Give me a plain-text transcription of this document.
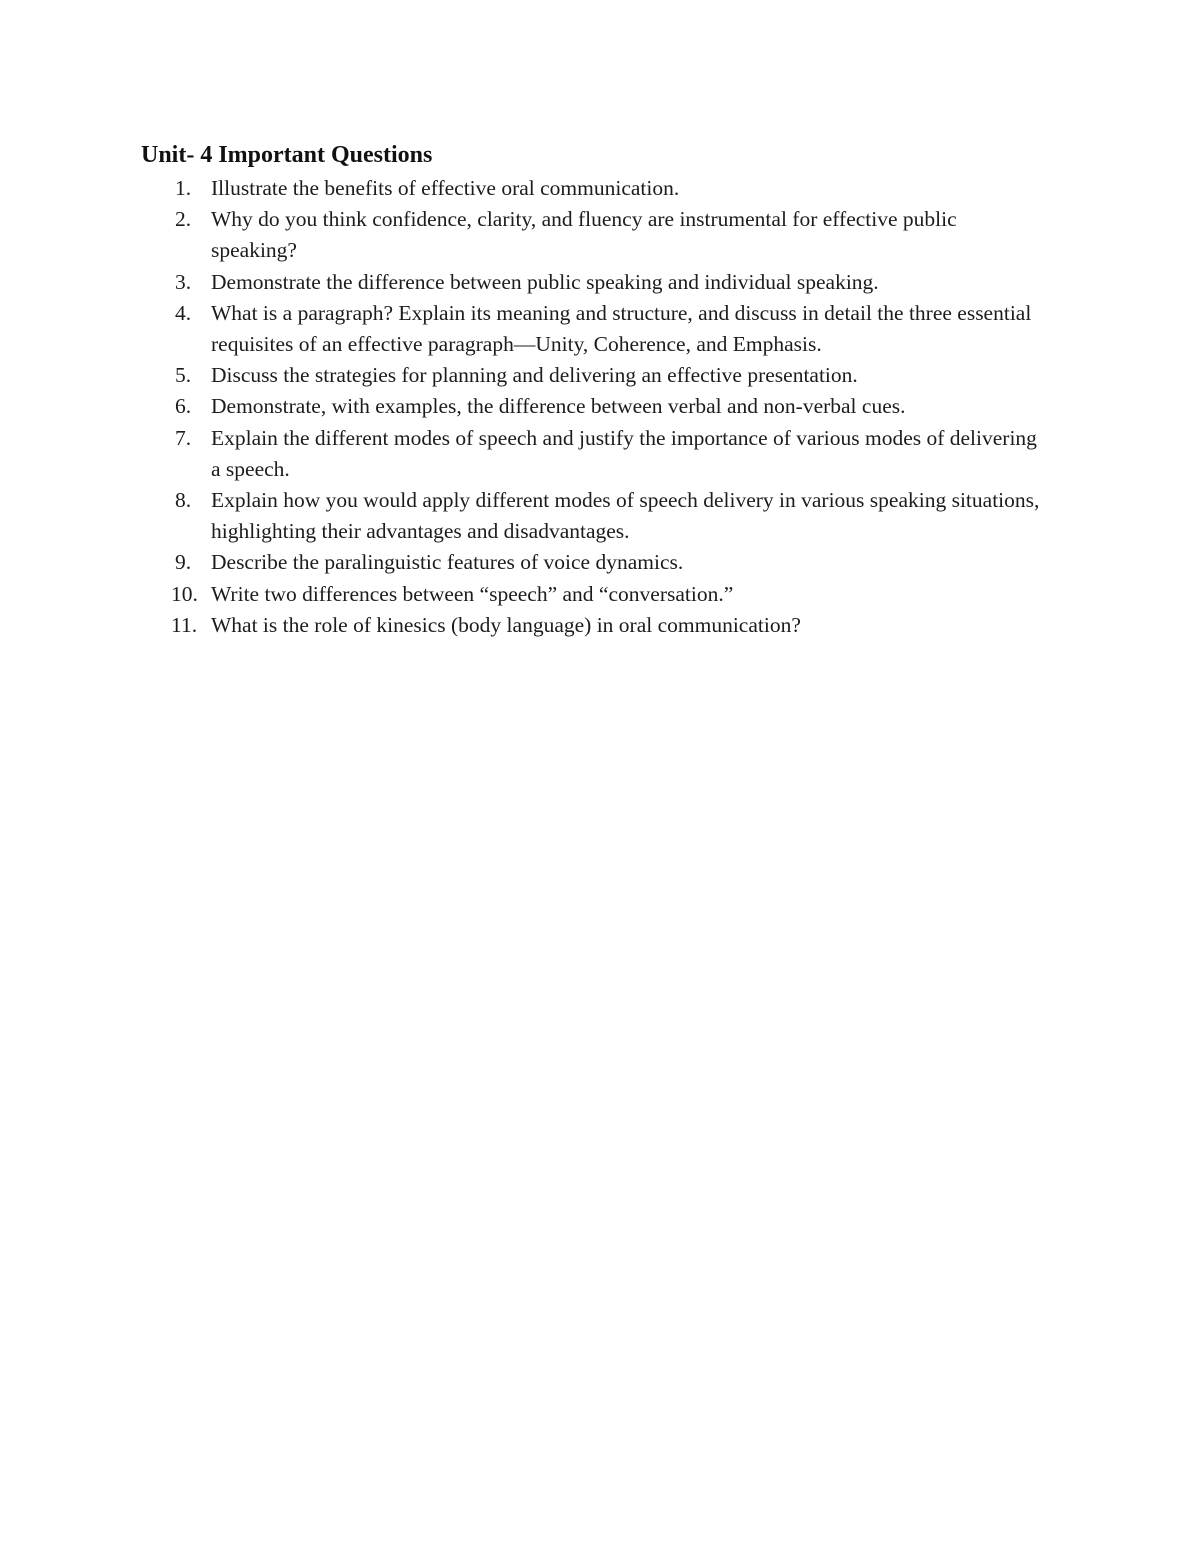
Unit- 4 Important Questions
1. Illustrate the benefits of effective oral communication.
2. Why do you think confidence, clarity, and fluency are instrumental for effective public speaking?
3. Demonstrate the difference between public speaking and individual speaking.
4. What is a paragraph? Explain its meaning and structure, and discuss in detail the three essential requisites of an effective paragraph—Unity, Coherence, and Emphasis.
5. Discuss the strategies for planning and delivering an effective presentation.
6. Demonstrate, with examples, the difference between verbal and non-verbal cues.
7. Explain the different modes of speech and justify the importance of various modes of delivering a speech.
8. Explain how you would apply different modes of speech delivery in various speaking situations, highlighting their advantages and disadvantages.
9. Describe the paralinguistic features of voice dynamics.
10. Write two differences between “speech” and “conversation.”
11. What is the role of kinesics (body language) in oral communication?
